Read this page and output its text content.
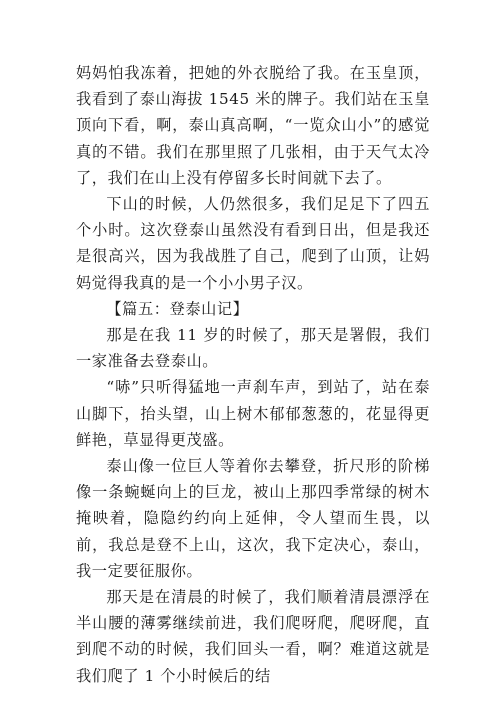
妈妈怕我冻着，把她的外衣脱给了我。在玉皇顶，我看到了泰山海拔 1545 米的牌子。我们站在玉皇顶向下看，啊，泰山真高啊，“一览众山小”的感觉真的不错。我们在那里照了几张相，由于天气太冷了，我们在山上没有停留多长时间就下去了。

下山的时候，人仍然很多，我们足足下了四五个小时。这次登泰山虽然没有看到日出，但是我还是很高兴，因为我战胜了自己，爬到了山顶，让妈妈觉得我真的是一个小小男子汉。

【篇五：登泰山记】

那是在我 11 岁的时候了，那天是署假，我们一家准备去登泰山。

“哧”只听得猛地一声刹车声，到站了，站在泰山脚下，抬头望，山上树木郁郁葱葱的，花显得更鲜艳，草显得更茂盛。

泰山像一位巨人等着你去攀登，折尺形的阶梯像一条蜿蜒向上的巨龙，被山上那四季常绿的树木掩映着，隐隐约约向上延伸，令人望而生畏，以前，我总是登不上山，这次，我下定决心，泰山，我一定要征服你。

那天是在清晨的时候了，我们顺着清晨漂浮在半山腰的薄雾继续前进，我们爬呀爬，爬呀爬，直到爬不动的时候，我们回头一看，啊？难道这就是我们爬了 1 个小时候后的结
